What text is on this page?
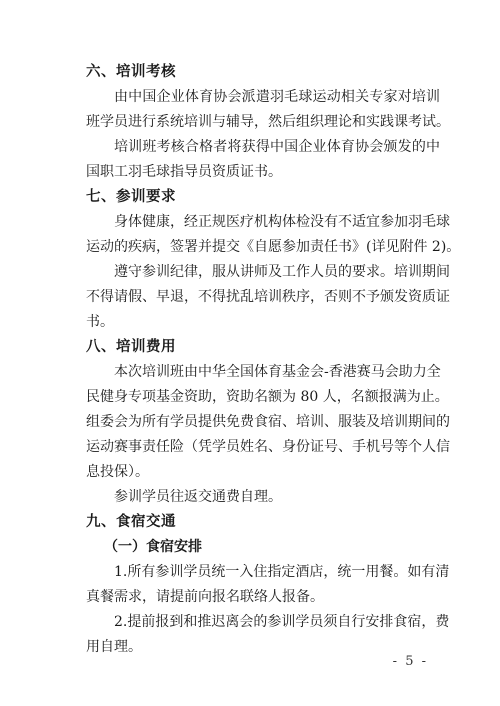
六、培训考核
由中国企业体育协会派遣羽毛球运动相关专家对培训
班学员进行系统培训与辅导，然后组织理论和实践课考试。
培训班考核合格者将获得中国企业体育协会颁发的中
国职工羽毛球指导员资质证书。
七、参训要求
身体健康，经正规医疗机构体检没有不适宜参加羽毛球
运动的疾病，签署并提交《自愿参加责任书》(详见附件 2)。
遵守参训纪律，服从讲师及工作人员的要求。培训期间
不得请假、早退，不得扰乱培训秩序，否则不予颁发资质证
书。
八、培训费用
本次培训班由中华全国体育基金会-香港赛马会助力全
民健身专项基金资助，资助名额为 80 人，名额报满为止。
组委会为所有学员提供免费食宿、培训、服装及培训期间的
运动赛事责任险（凭学员姓名、身份证号、手机号等个人信
息投保）。
参训学员往返交通费自理。
九、食宿交通
（一）食宿安排
1.所有参训学员统一入住指定酒店，统一用餐。如有清
真餐需求，请提前向报名联络人报备。
2.提前报到和推迟离会的参训学员须自行安排食宿，费
用自理。
- 5 -
